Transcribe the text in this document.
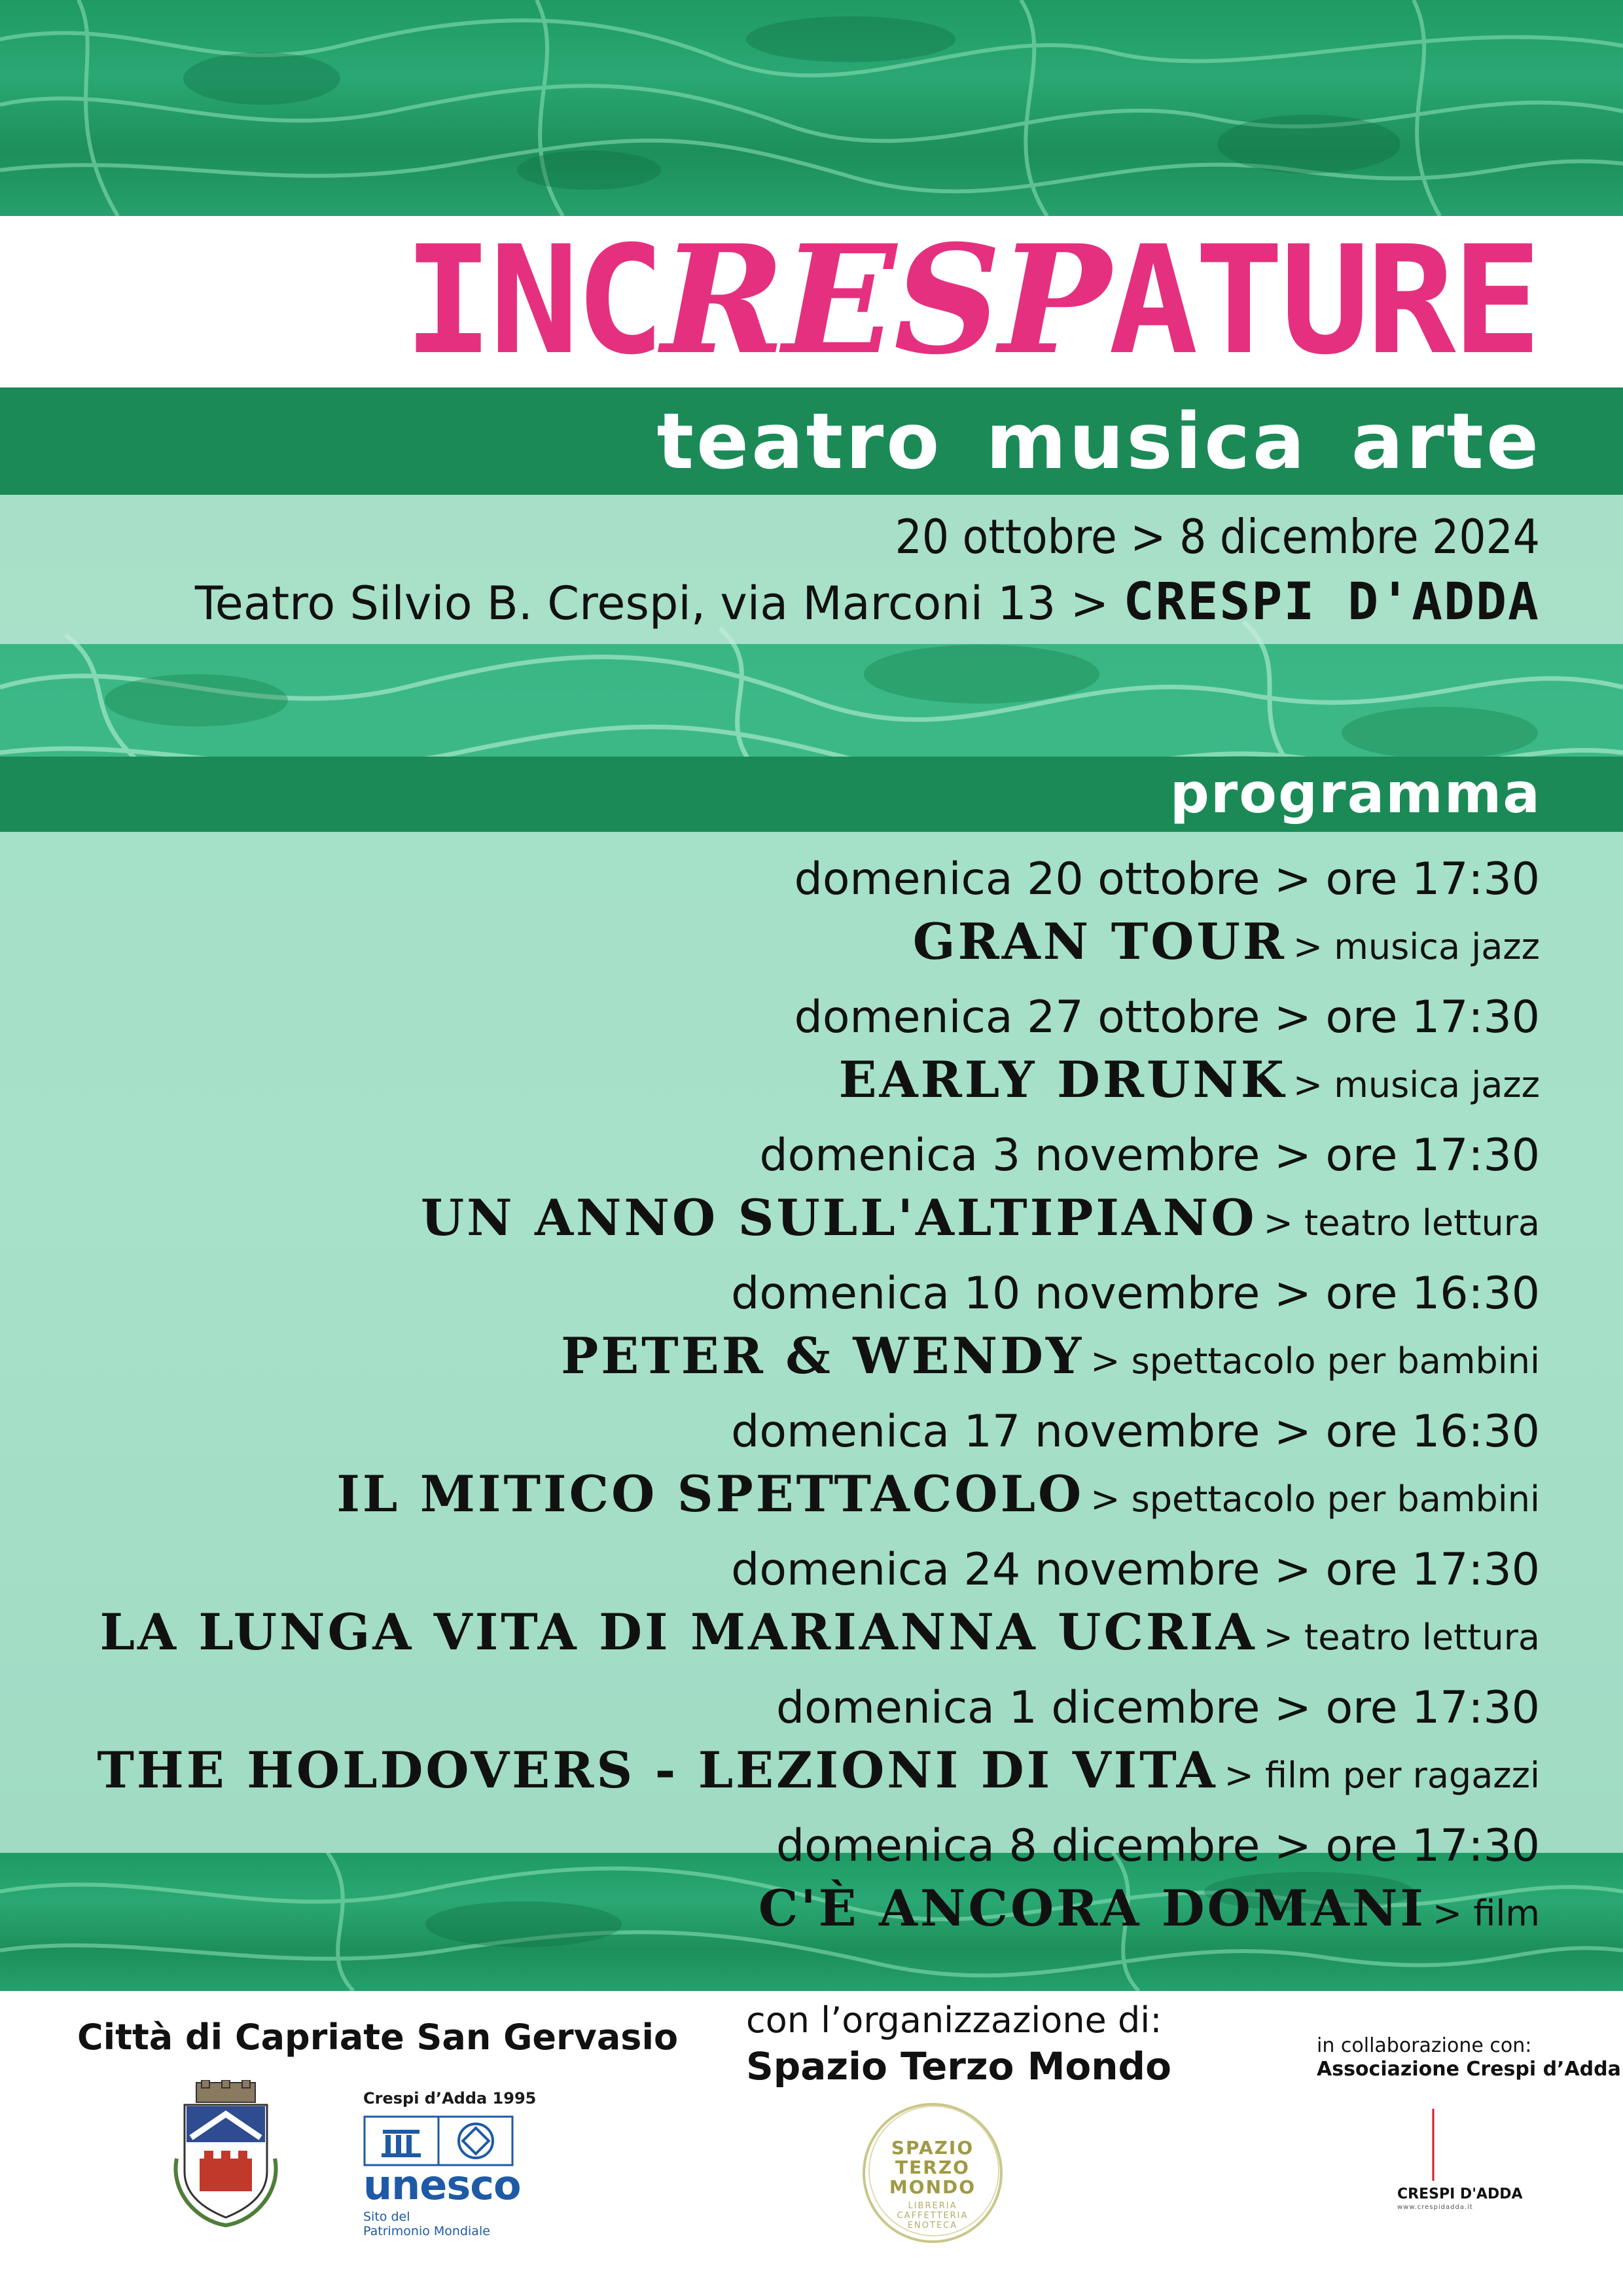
INCRESPATURE
teatro musica arte
20 ottobre > 8 dicembre 2024
Teatro Silvio B. Crespi, via Marconi 13 > CRESPI D'ADDA
programma
domenica 20 ottobre > ore 17:30
GRAN TOUR > musica jazz
domenica 27 ottobre > ore 17:30
EARLY DRUNK > musica jazz
domenica 3 novembre > ore 17:30
UN ANNO SULL'ALTIPIANO > teatro lettura
domenica 10 novembre > ore 16:30
PETER & WENDY > spettacolo per bambini
domenica 17 novembre > ore 16:30
IL MITICO SPETTACOLO > spettacolo per bambini
domenica 24 novembre > ore 17:30
LA LUNGA VITA DI MARIANNA UCRIA > teatro lettura
domenica 1 dicembre > ore 17:30
THE HOLDOVERS - LEZIONI DI VITA > film per ragazzi
domenica 8 dicembre > ore 17:30
C'È ANCORA DOMANI > film
Città di Capriate San Gervasio con l’organizzazione di:
Spazio Terzo Mondo	in collaborazione con:
Associazione Crespi d’Adda
Crespi d’Adda 1995
unesco
Sito del
Patrimonio Mondiale
SPAZIO
TERZO
MONDO
LIBRERIA
CAFFETTERIA
ENOTECA
CRESPI D'ADDA
www.crespidadda.it
